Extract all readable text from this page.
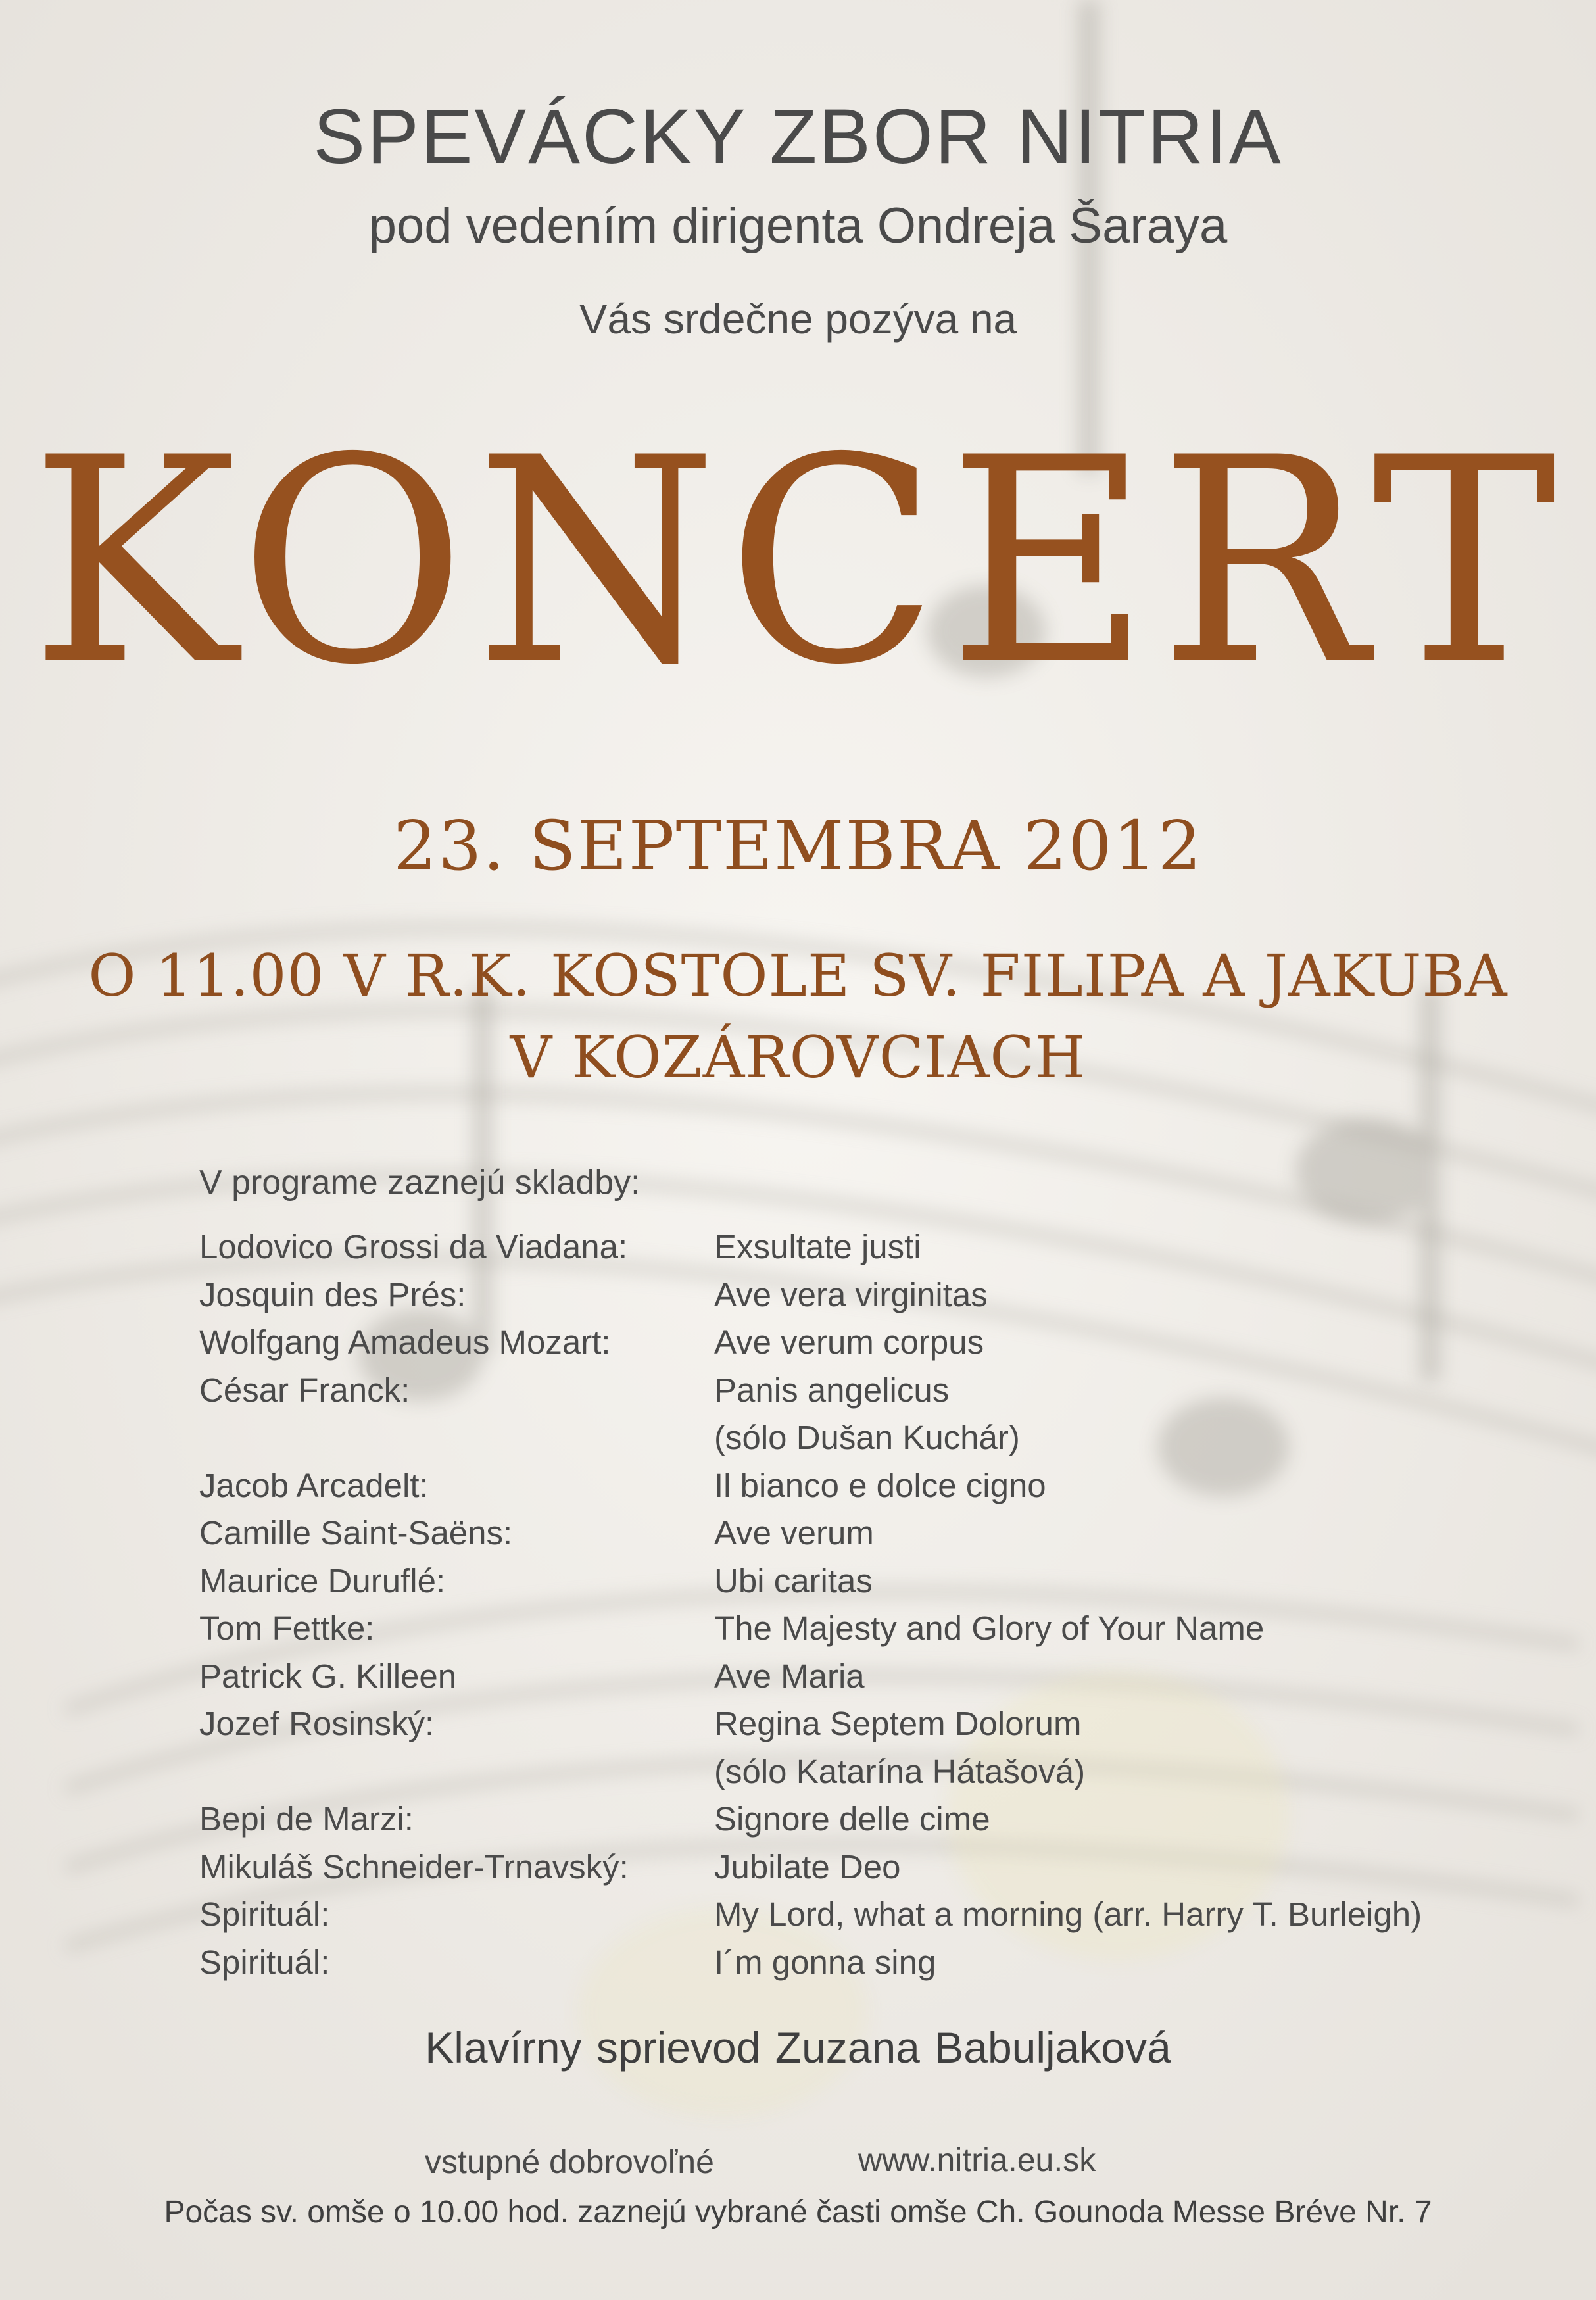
SPEVÁCKY ZBOR NITRIA
pod vedením dirigenta Ondreja Šaraya
Vás srdečne pozýva na
KONCERT
23. SEPTEMBRA 2012
O 11.00 V R.K. KOSTOLE SV. FILIPA A JAKUBA
V KOZÁROVCIACH
V programe zaznejú skladby:
Lodovico Grossi da Viadana:	Exsultate justi
Josquin des Prés:	Ave vera virginitas
Wolfgang Amadeus Mozart:	Ave verum corpus
César Franck:	Panis angelicus
(sólo Dušan Kuchár)
Jacob Arcadelt:	Il bianco e dolce cigno
Camille Saint-Saëns:	Ave verum
Maurice Duruflé:	Ubi caritas
Tom Fettke:	The Majesty and Glory of Your Name
Patrick G. Killeen	Ave Maria
Jozef Rosinský:	Regina Septem Dolorum
(sólo Katarína Hátašová)
Bepi de Marzi:	Signore delle cime
Mikuláš Schneider-Trnavský:	Jubilate Deo
Spirituál:	My Lord, what a morning (arr. Harry T. Burleigh)
Spirituál:	I´m gonna sing
Klavírny sprievod Zuzana Babuljaková
vstupné dobrovoľné	www.nitria.eu.sk
Počas sv. omše o 10.00 hod. zaznejú vybrané časti omše Ch. Gounoda Messe Bréve Nr. 7
